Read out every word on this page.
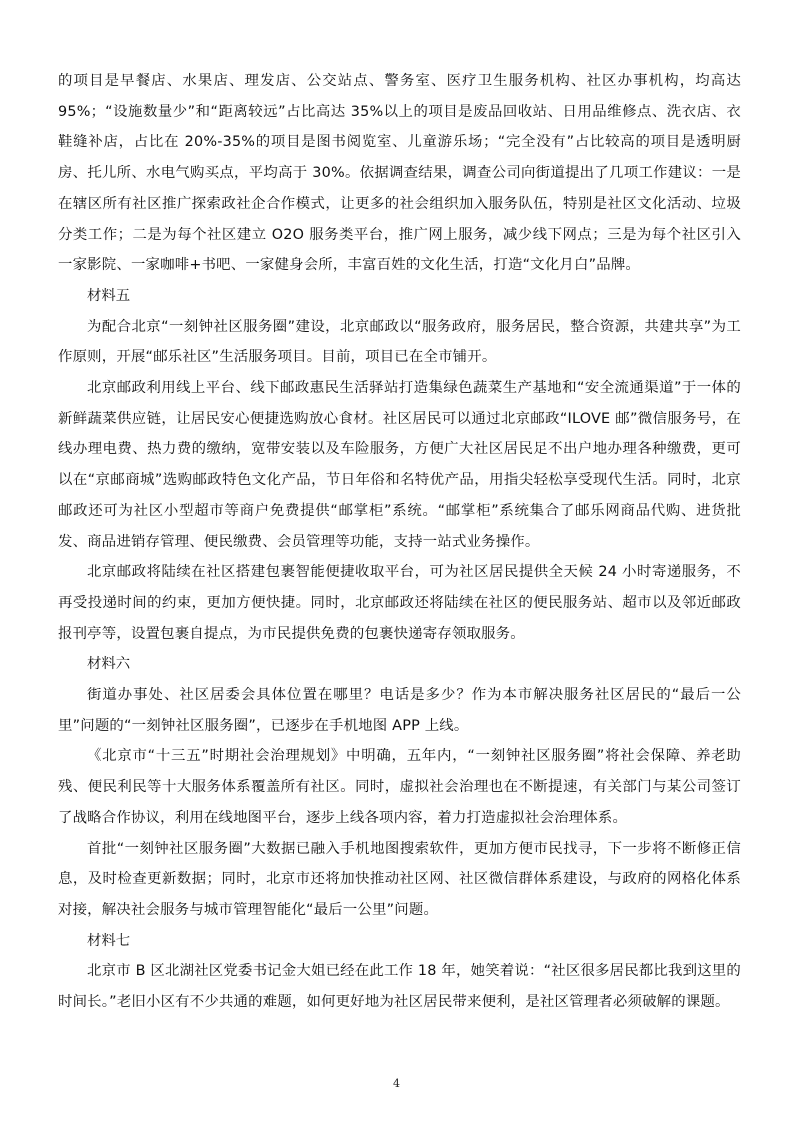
的项目是早餐店、水果店、理发店、公交站点、警务室、医疗卫生服务机构、社区办事机构，均高达 95%；“设施数量少”和“距离较远”占比高达 35%以上的项目是废品回收站、日用品维修点、洗衣店、衣鞋缝补店，占比在 20%-35%的项目是图书阅览室、儿童游乐场；“完全没有”占比较高的项目是透明厨房、托儿所、水电气购买点，平均高于 30%。依据调查结果，调查公司向街道提出了几项工作建议：一是在辖区所有社区推广探索政社企合作模式，让更多的社会组织加入服务队伍，特别是社区文化活动、垃圾分类工作；二是为每个社区建立 O2O 服务类平台，推广网上服务，减少线下网点；三是为每个社区引入一家影院、一家咖啡+书吧、一家健身会所，丰富百姓的文化生活，打造“文化月白”品牌。

材料五

为配合北京“一刻钟社区服务圈”建设，北京邮政以“服务政府，服务居民，整合资源，共建共享”为工作原则，开展“邮乐社区”生活服务项目。目前，项目已在全市铺开。

北京邮政利用线上平台、线下邮政惠民生活驿站打造集绿色蔬菜生产基地和“安全流通渠道”于一体的新鲜蔬菜供应链，让居民安心便捷选购放心食材。社区居民可以通过北京邮政“ILOVE 邮”微信服务号，在线办理电费、热力费的缴纳，宽带安装以及车险服务，方便广大社区居民足不出户地办理各种缴费，更可以在“京邮商城”选购邮政特色文化产品，节日年俗和名特优产品，用指尖轻松享受现代生活。同时，北京邮政还可为社区小型超市等商户免费提供“邮掌柜”系统。“邮掌柜”系统集合了邮乐网商品代购、进货批发、商品进销存管理、便民缴费、会员管理等功能，支持一站式业务操作。

北京邮政将陆续在社区搭建包裹智能便捷收取平台，可为社区居民提供全天候 24 小时寄递服务，不再受投递时间的约束，更加方便快捷。同时，北京邮政还将陆续在社区的便民服务站、超市以及邻近邮政报刊亭等，设置包裹自提点，为市民提供免费的包裹快递寄存领取服务。

材料六

街道办事处、社区居委会具体位置在哪里？电话是多少？作为本市解决服务社区居民的“最后一公里”问题的“一刻钟社区服务圈”，已逐步在手机地图 APP 上线。

《北京市“十三五”时期社会治理规划》中明确，五年内，“一刻钟社区服务圈”将社会保障、养老助残、便民利民等十大服务体系覆盖所有社区。同时，虚拟社会治理也在不断提速，有关部门与某公司签订了战略合作协议，利用在线地图平台，逐步上线各项内容，着力打造虚拟社会治理体系。

首批“一刻钟社区服务圈”大数据已融入手机地图搜索软件，更加方便市民找寻，下一步将不断修正信息，及时检查更新数据；同时，北京市还将加快推动社区网、社区微信群体系建设，与政府的网格化体系对接，解决社会服务与城市管理智能化“最后一公里”问题。

材料七

北京市 B 区北湖社区党委书记金大姐已经在此工作 18 年，她笑着说：“社区很多居民都比我到这里的时间长。”老旧小区有不少共通的难题，如何更好地为社区居民带来便利，是社区管理者必须破解的课题。

4
